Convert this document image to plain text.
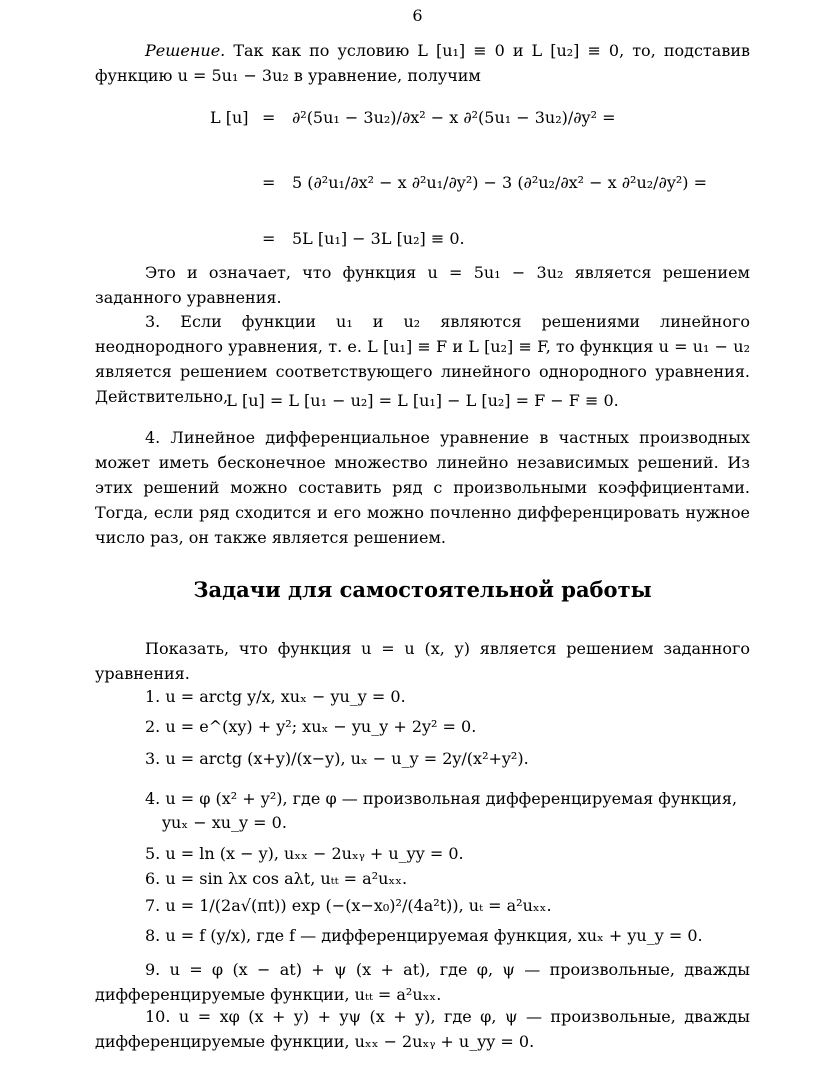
6
Решение. Так как по условию L [u₁] ≡ 0 и L [u₂] ≡ 0, то, подставив функцию u = 5u₁ − 3u₂ в уравнение, получим
L [u] = ∂²(5u₁ − 3u₂)/∂x² − x ∂²(5u₁ − 3u₂)/∂y² =
= 5 (∂²u₁/∂x² − x ∂²u₁/∂y²) − 3 (∂²u₂/∂x² − x ∂²u₂/∂y²) =
= 5L [u₁] − 3L [u₂] ≡ 0.
Это и означает, что функция u = 5u₁ − 3u₂ является решением заданного уравнения.
3. Если функции u₁ и u₂ являются решениями линейного неоднородного уравнения, т. е. L [u₁] ≡ F и L [u₂] ≡ F, то функция u = u₁ − u₂ является решением соответствующего линейного однородного уравнения. Действительно,
L [u] = L [u₁ − u₂] = L [u₁] − L [u₂] = F − F ≡ 0.
4. Линейное дифференциальное уравнение в частных производных может иметь бесконечное множество линейно независимых решений. Из этих решений можно составить ряд с произвольными коэффициентами. Тогда, если ряд сходится и его можно почленно дифференцировать нужное число раз, он также является решением.
Задачи для самостоятельной работы
Показать, что функция u = u (x, y) является решением заданного уравнения.
1. u = arctg y/x, xuₓ − yu_y = 0.
2. u = e^(xy) + y²; xuₓ − yu_y + 2y² = 0.
3. u = arctg (x+y)/(x−y), uₓ − u_y = 2y/(x²+y²).
4. u = φ (x² + y²), где φ — произвольная дифференцируемая функция,
yuₓ − xu_y = 0.
5. u = ln (x − y), uₓₓ − 2uₓᵧ + u_yy = 0.
6. u = sin λx cos aλt, uₜₜ = a²uₓₓ.
7. u = 1/(2a√(πt)) exp (−(x−x₀)²/(4a²t)), uₜ = a²uₓₓ.
8. u = f (y/x), где f — дифференцируемая функция, xuₓ + yu_y = 0.
9. u = φ (x − at) + ψ (x + at), где φ, ψ — произвольные, дважды дифференцируемые функции, uₜₜ = a²uₓₓ.
10. u = xφ (x + y) + yψ (x + y), где φ, ψ — произвольные, дважды дифференцируемые функции, uₓₓ − 2uₓᵧ + u_yy = 0.
